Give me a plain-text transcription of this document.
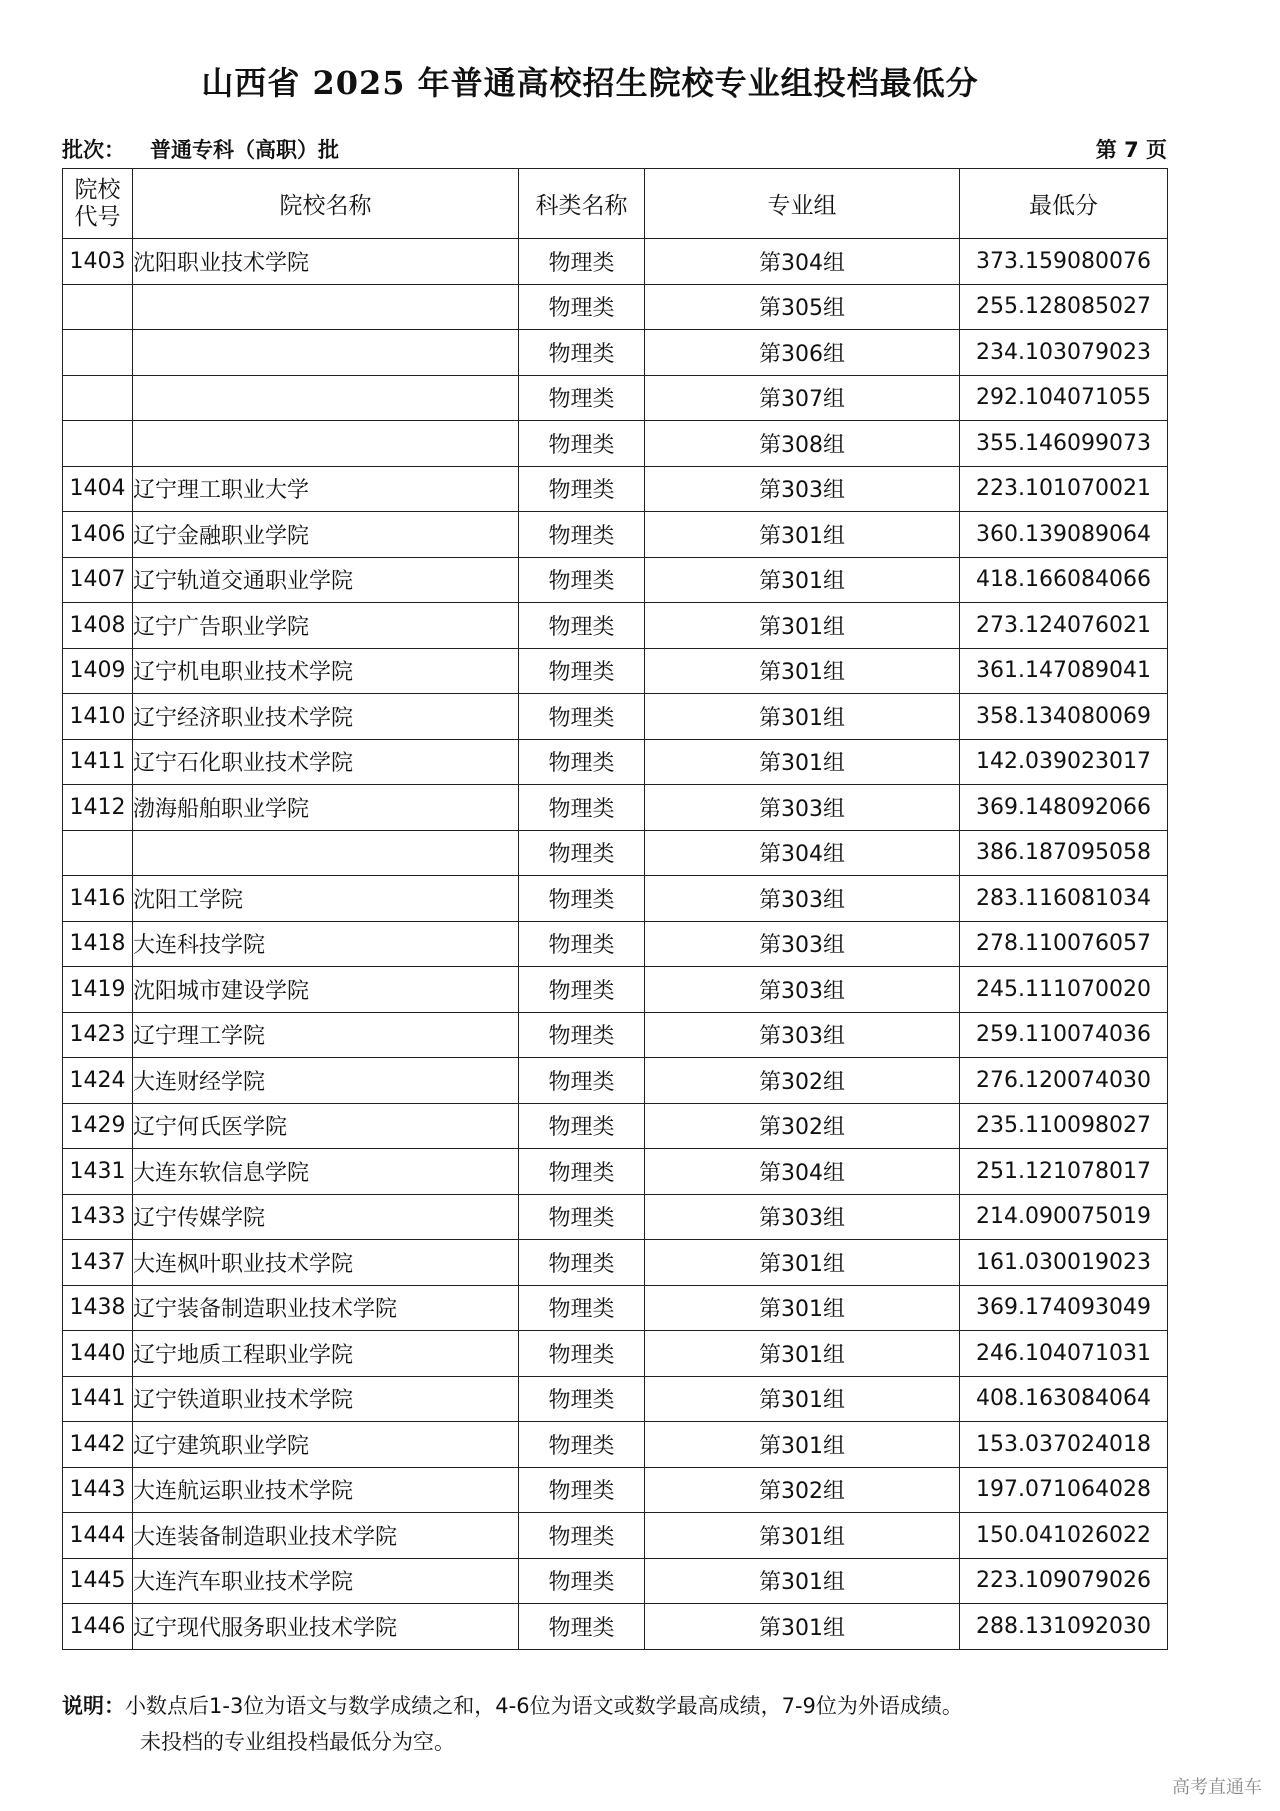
山西省 2025 年普通高校招生院校专业组投档最低分
批次： 普通专科（高职）批	第 7 页
院校
代号	院校名称	科类名称	专业组	最低分
1403	沈阳职业技术学院	物理类	第304组	373.159080076
		物理类	第305组	255.128085027
		物理类	第306组	234.103079023
		物理类	第307组	292.104071055
		物理类	第308组	355.146099073
1404	辽宁理工职业大学	物理类	第303组	223.101070021
1406	辽宁金融职业学院	物理类	第301组	360.139089064
1407	辽宁轨道交通职业学院	物理类	第301组	418.166084066
1408	辽宁广告职业学院	物理类	第301组	273.124076021
1409	辽宁机电职业技术学院	物理类	第301组	361.147089041
1410	辽宁经济职业技术学院	物理类	第301组	358.134080069
1411	辽宁石化职业技术学院	物理类	第301组	142.039023017
1412	渤海船舶职业学院	物理类	第303组	369.148092066
		物理类	第304组	386.187095058
1416	沈阳工学院	物理类	第303组	283.116081034
1418	大连科技学院	物理类	第303组	278.110076057
1419	沈阳城市建设学院	物理类	第303组	245.111070020
1423	辽宁理工学院	物理类	第303组	259.110074036
1424	大连财经学院	物理类	第302组	276.120074030
1429	辽宁何氏医学院	物理类	第302组	235.110098027
1431	大连东软信息学院	物理类	第304组	251.121078017
1433	辽宁传媒学院	物理类	第303组	214.090075019
1437	大连枫叶职业技术学院	物理类	第301组	161.030019023
1438	辽宁装备制造职业技术学院	物理类	第301组	369.174093049
1440	辽宁地质工程职业学院	物理类	第301组	246.104071031
1441	辽宁铁道职业技术学院	物理类	第301组	408.163084064
1442	辽宁建筑职业学院	物理类	第301组	153.037024018
1443	大连航运职业技术学院	物理类	第302组	197.071064028
1444	大连装备制造职业技术学院	物理类	第301组	150.041026022
1445	大连汽车职业技术学院	物理类	第301组	223.109079026
1446	辽宁现代服务职业技术学院	物理类	第301组	288.131092030
说明：小数点后1-3位为语文与数学成绩之和，4-6位为语文或数学最高成绩，7-9位为外语成绩。
未投档的专业组投档最低分为空。
高考直通车
